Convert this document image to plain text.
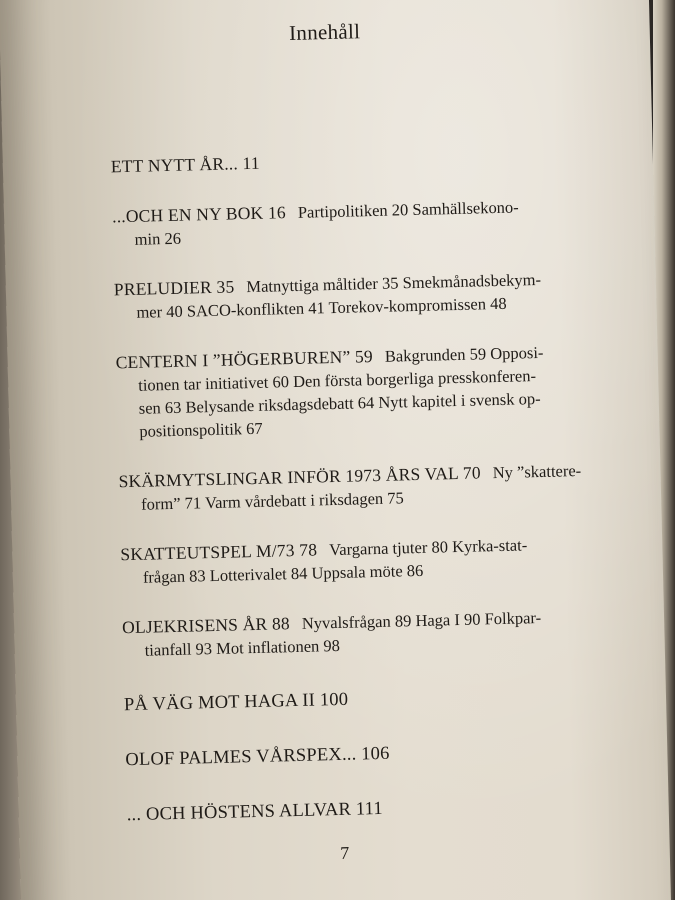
Innehåll
ETT NYTT ÅR... 11
...OCH EN NY BOK 16 Partipolitiken 20 Samhällsekono-
min 26
PRELUDIER 35 Matnyttiga måltider 35 Smekmånadsbekym-
mer 40 SACO-konflikten 41 Torekov-kompromissen 48
CENTERN I ”HÖGERBUREN” 59 Bakgrunden 59 Opposi-
tionen tar initiativet 60 Den första borgerliga presskonferen-
sen 63 Belysande riksdagsdebatt 64 Nytt kapitel i svensk op-
positionspolitik 67
SKÄRMYTSLINGAR INFÖR 1973 ÅRS VAL 70 Ny ”skattere-
form” 71 Varm vårdebatt i riksdagen 75
SKATTEUTSPEL M/73 78 Vargarna tjuter 80 Kyrka-stat-
frågan 83 Lotterivalet 84 Uppsala möte 86
OLJEKRISENS ÅR 88 Nyvalsfrågan 89 Haga I 90 Folkpar-
tianfall 93 Mot inflationen 98
PÅ VÄG MOT HAGA II 100
OLOF PALMES VÅRSPEX... 106
... OCH HÖSTENS ALLVAR 111
7
